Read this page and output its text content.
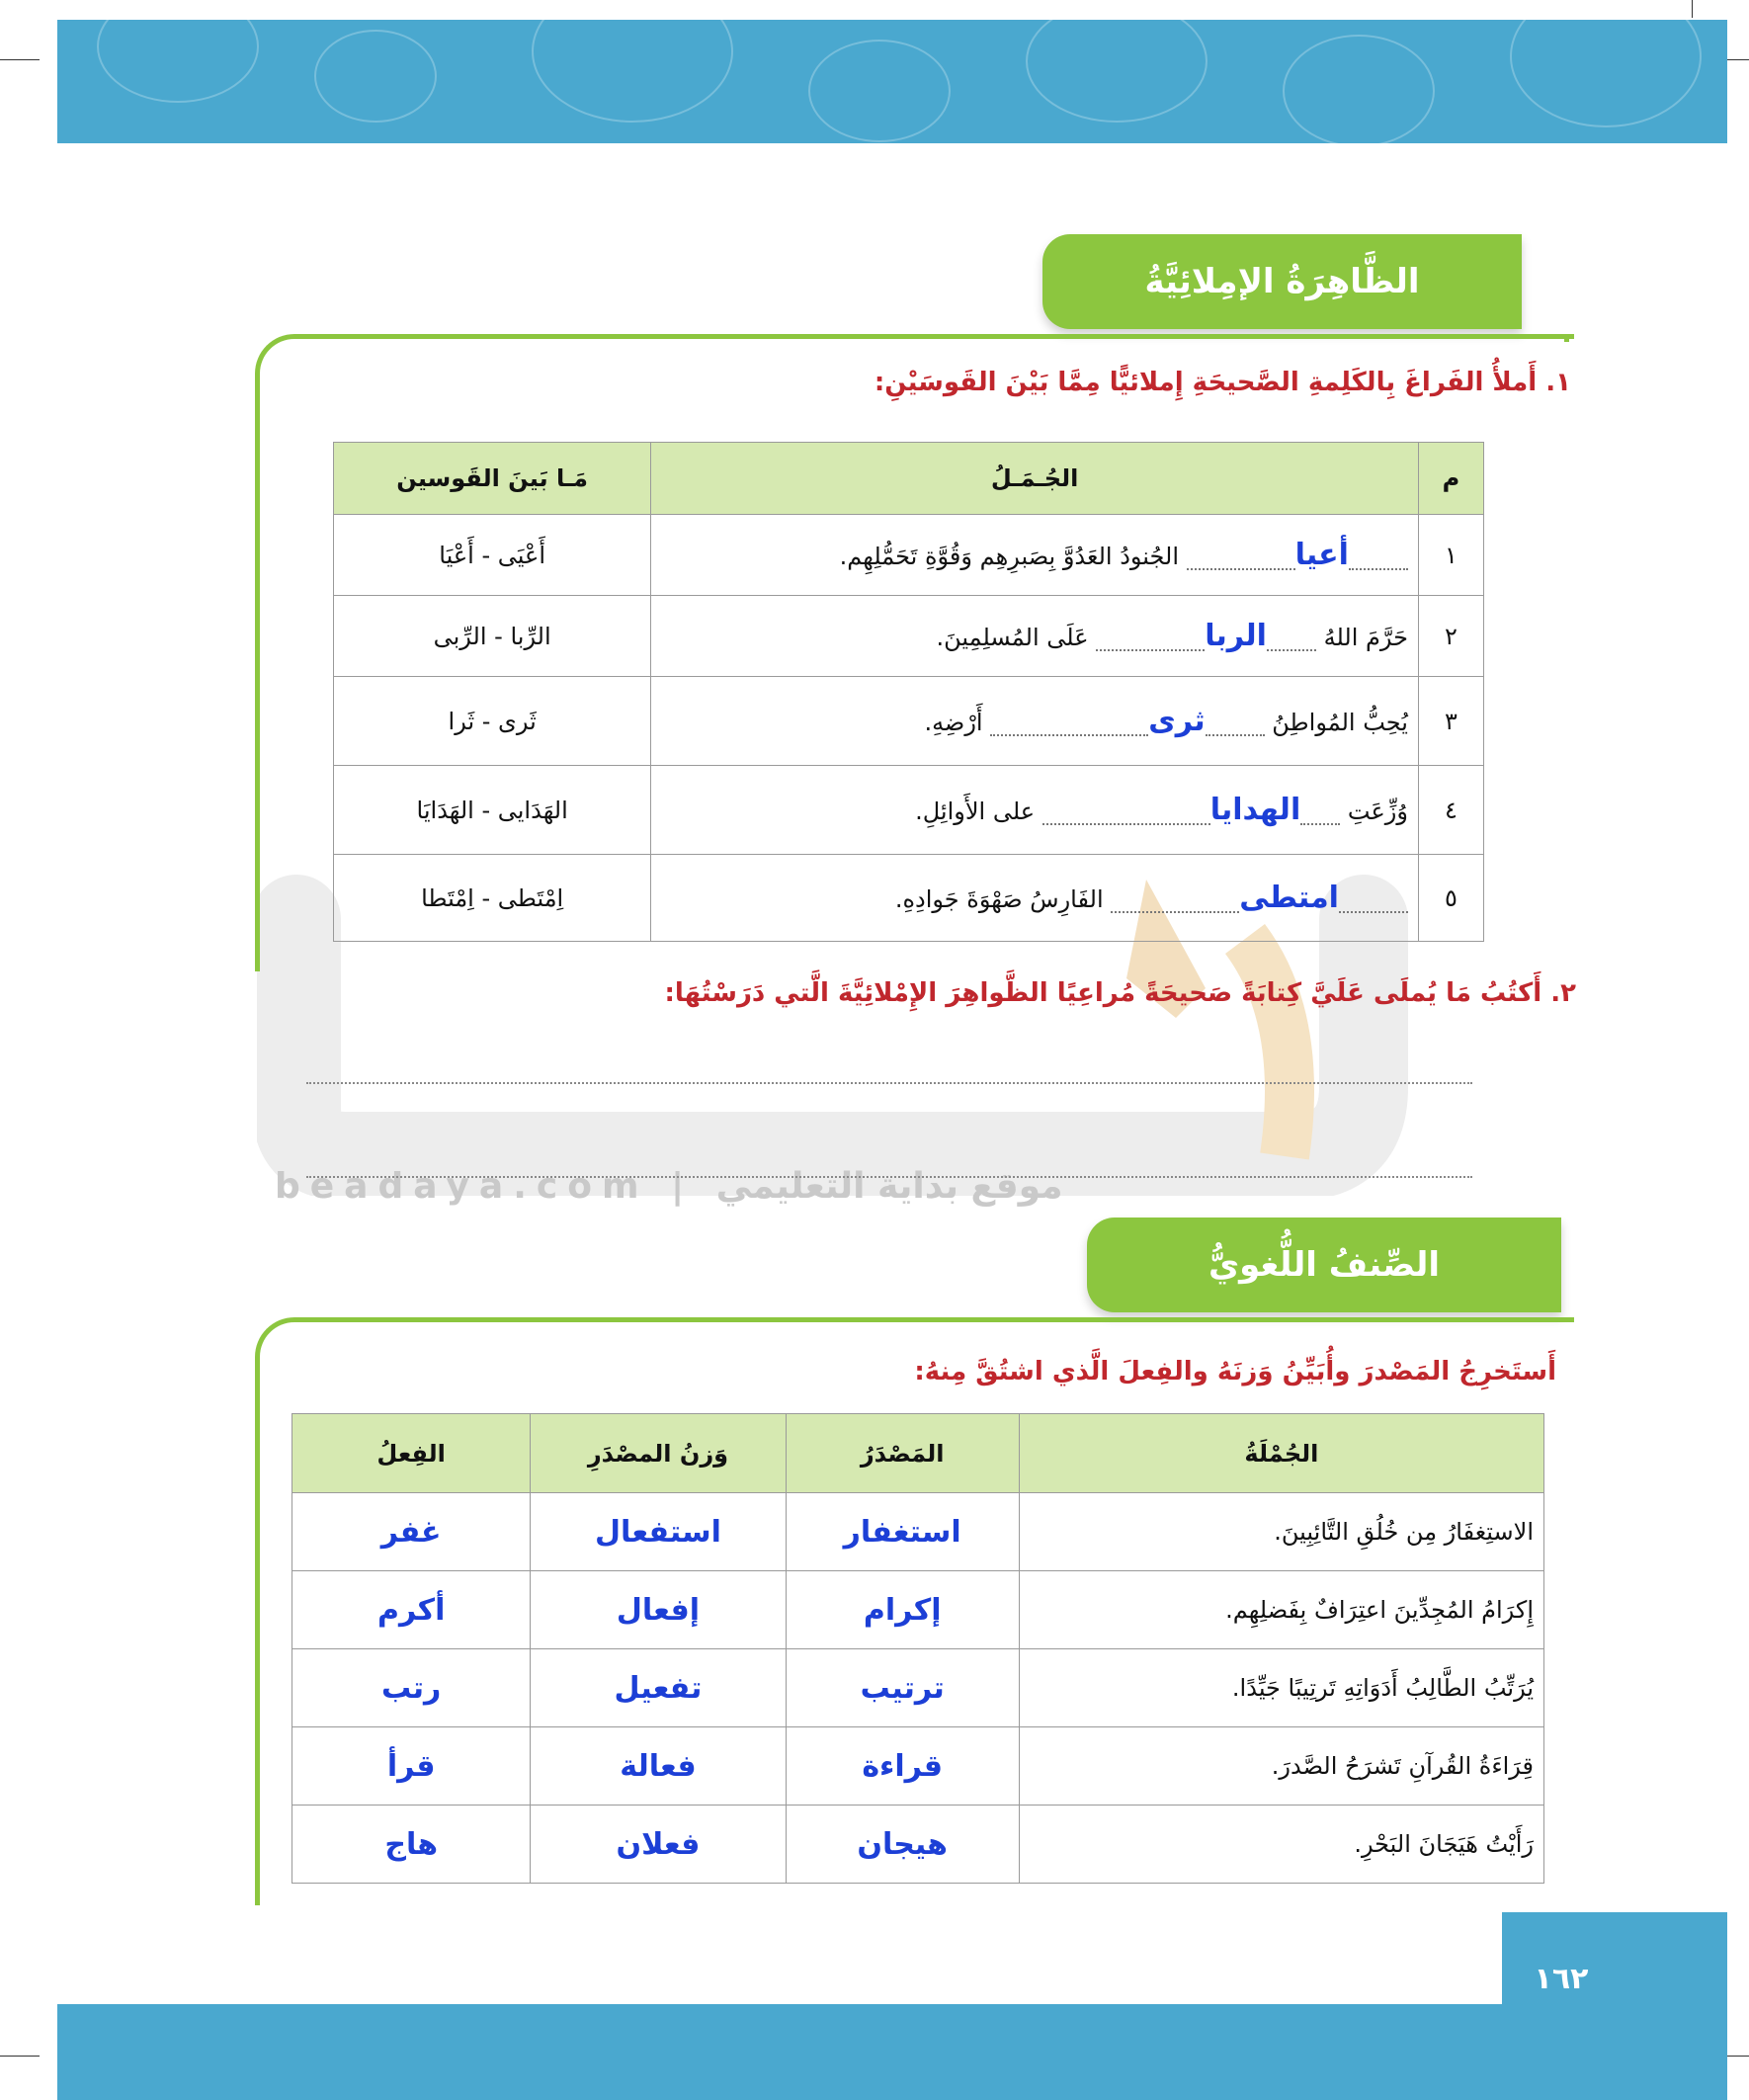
beadaya.com | موقع بداية التعليمي
الظَّاهِرَةُ الإمِلائِيَّةُ
١. أَملأُ الفَراغَ بِالكَلِمةِ الصَّحيحَةِ إِملائيًّا مِمَّا بَيْنَ القَوسَيْنِ:
م	الجُـمَـلُ	مَـا بَينَ القَوسين
١	أعيا الجُنودُ العَدُوَّ بِصَبرِهِم وَقُوَّةِ تَحَمُّلِهِم.	أَعْيَى - أَعْيَا
٢	حَرَّمَ اللهُ الربا عَلَى المُسلِمِينَ.	الرِّبا - الرِّبى
٣	يُحِبُّ المُواطِنُ ثرى أَرْضِهِ.	ثَرى - ثَرا
٤	وُزِّعَتِ الهدايا على الأَوائِلِ.	الهَدَايى - الهَدَايَا
٥	امتطى الفَارِسُ صَهْوَةَ جَوادِهِ.	اِمْتَطى - اِمْتَطا
٢. أَكتُبُ مَا يُملَى عَلَيَّ كِتابَةً صَحيحَةً مُراعِيًا الظَّواهِرَ الإِمْلائِيَّةَ الَّتي دَرَسْتُهَا:
الصِّنفُ اللُّغويُّ
أَستَخرِجُ المَصْدرَ وأُبَيِّنُ وَزنَهُ والفِعلَ الَّذي اشتُقَّ مِنهُ:
الجُمْلَةُ	المَصْدَرُ	وَزنُ المصْدَرِ	الفِعلُ
الاستِغفَارُ مِن خُلُقِ التَّائِبِينَ.	استغفار	استفعال	غفر
إِكرَامُ المُجِدِّينَ اعتِرَافٌ بِفَضلِهِم.	إكرام	إفعال	أكرم
يُرَتِّبُ الطَّالِبُ أَدَوَاتِهِ تَرتِيبًا جَيِّدًا.	ترتيب	تفعيل	رتب
قِرَاءَةُ القُرآنِ تَشرَحُ الصَّدرَ.	قراءة	فعالة	قرأ
رَأَيْتُ هَيَجَانَ البَحْرِ.	هيجان	فعلان	هاج
١٦٢
